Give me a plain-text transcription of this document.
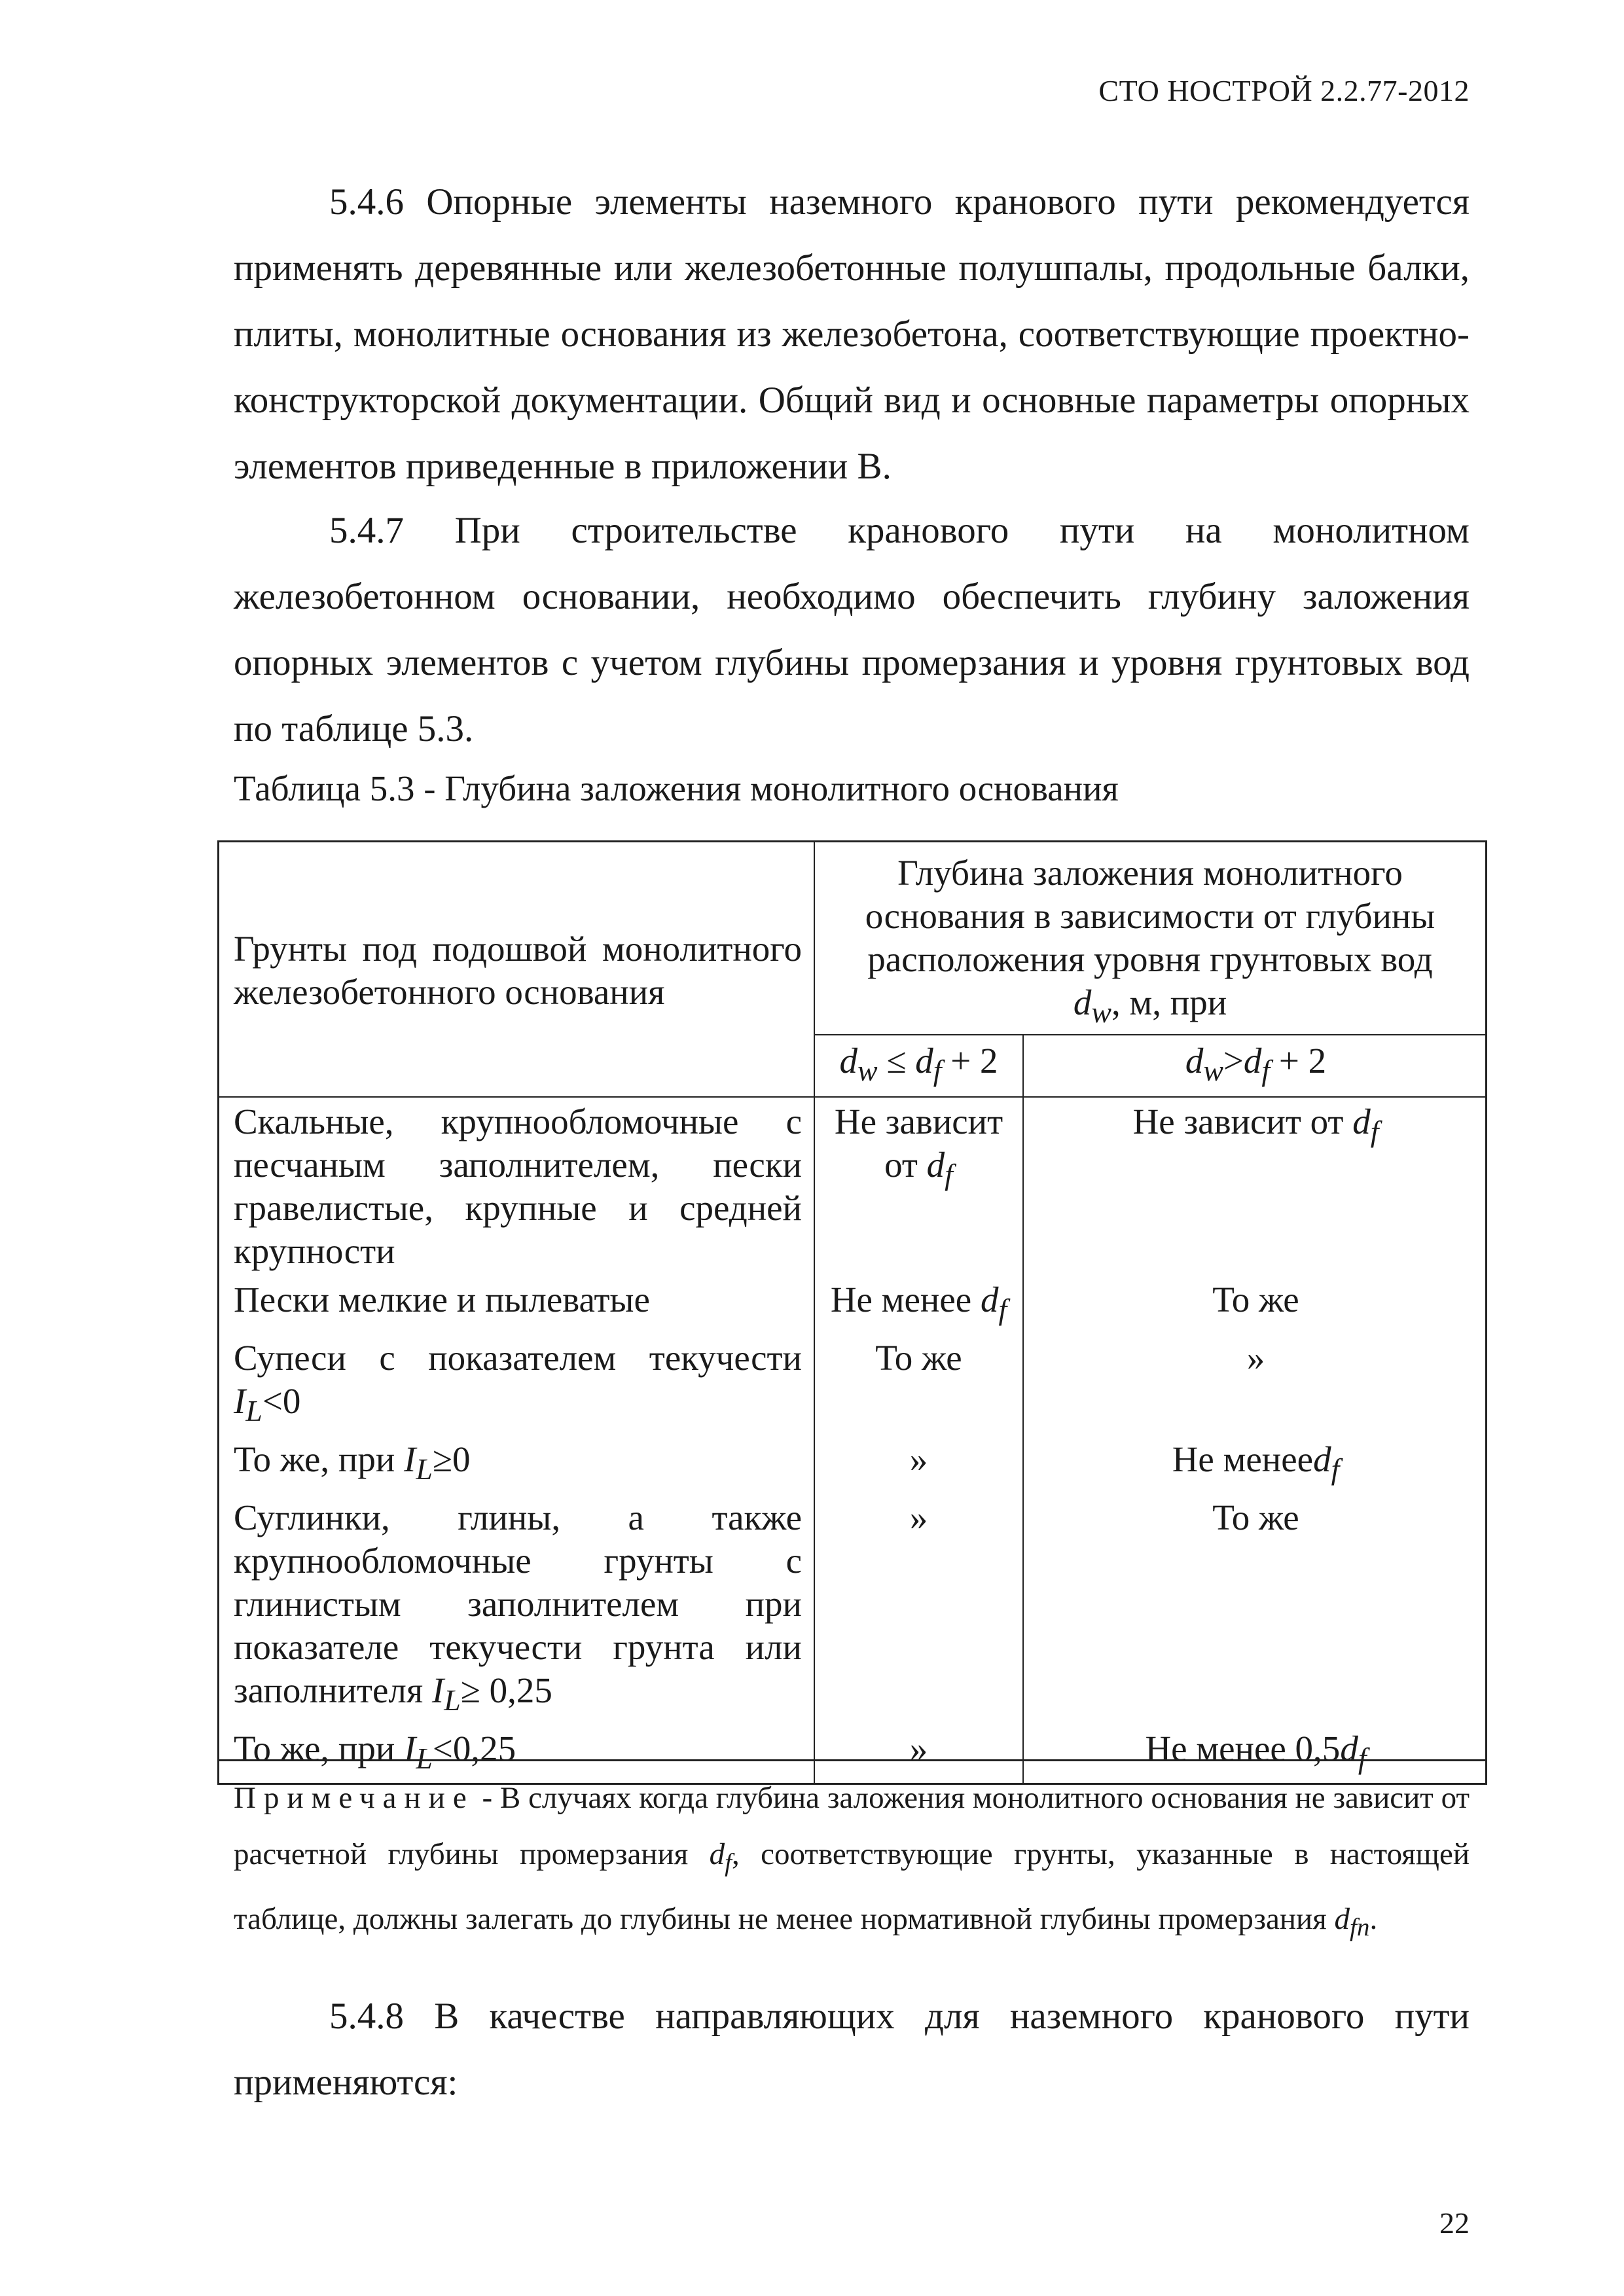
СТО НОСТРОЙ 2.2.77-2012
5.4.6 Опорные элементы наземного кранового пути рекомендуется применять деревянные или железобетонные полушпалы, продольные балки, плиты, монолитные основания из железобетона, соответствующие проектно- конструкторской документации. Общий вид и основные параметры опорных элементов приведенные в приложении В.
5.4.7 При строительстве кранового пути на монолитном железобетонном основании, необходимо обеспечить глубину заложения опорных элементов с учетом глубины промерзания и уровня грунтовых вод по таблице 5.3.
Таблица 5.3 - Глубина заложения монолитного основания
Грунты под подошвой монолитного железобетонного основания	Глубина заложения монолитного основания в зависимости от глубины расположения уровня грунтовых вод
$d_w$, м, при	
	$d_w \le d_f + 2$	$d_w>d_f + 2$
Скальные, крупнообломочные с песчаным заполнителем, пески гравелистые, крупные и средней крупности	Не зависит от $d_f$	Не зависит от $d_f$
Пески мелкие и пылеватые	Не менее $d_f$	То же
Супеси с показателем текучести $I_L<0$	То же	»
То же, при $I_L\ge 0$	»	Не менееd$_f$
Суглинки, глины, а также крупнообломочные грунты с глинистым заполнителем при показателе текучести грунта или заполнителя $I_L\ge 0,25$	»	То же
То же, при $I_L<0,25$	»	Не менее $0,5d_f$
Примечание - В случаях когда глубина заложения монолитного основания не зависит от расчетной глубины промерзания $d_f$, соответствующие грунты, указанные в настоящей таблице, должны залегать до глубины не менее нормативной глубины промерзания $d_{fn}$.
5.4.8 В качестве направляющих для наземного кранового пути применяются:
22
